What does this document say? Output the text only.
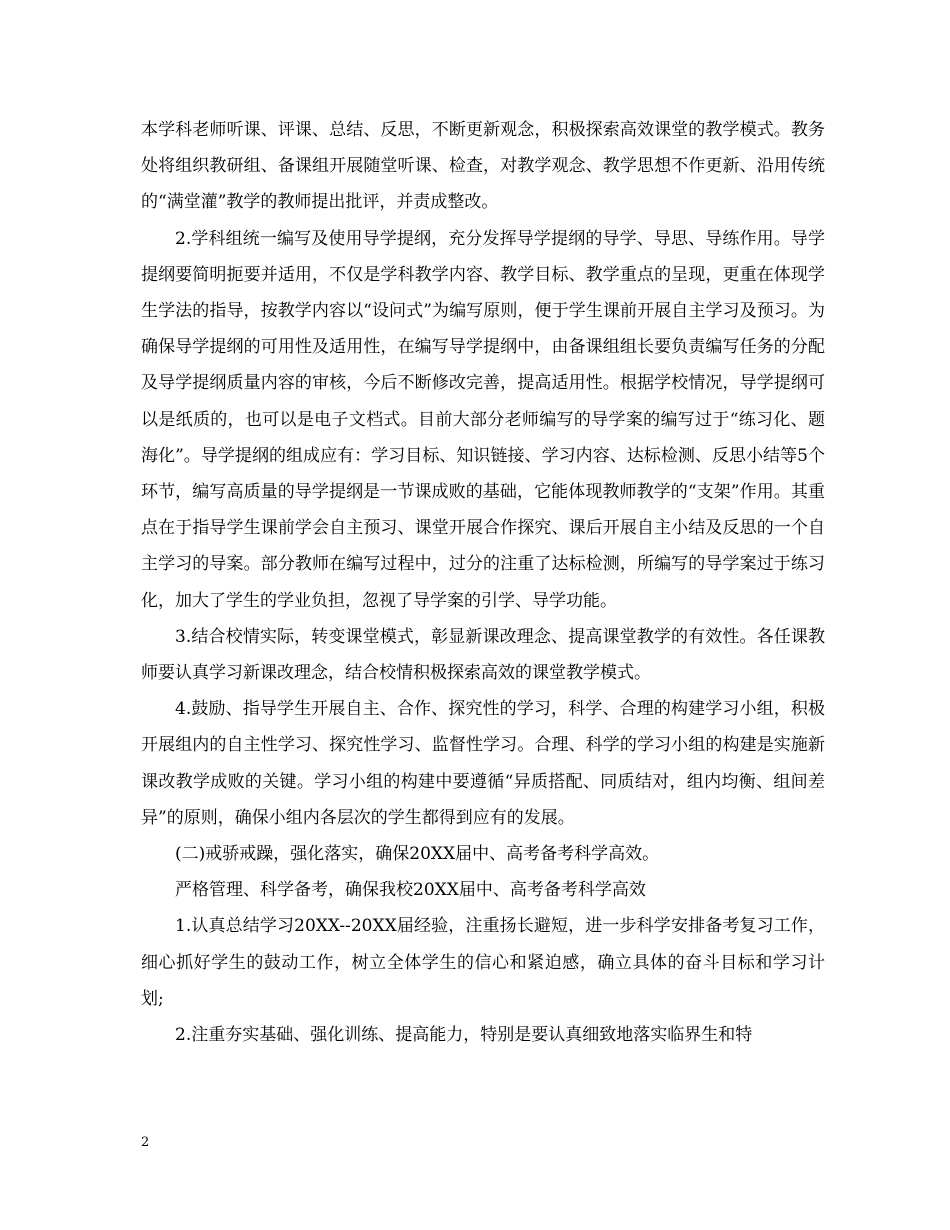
本学科老师听课、评课、总结、反思，不断更新观念，积极探索高效课堂的教学模式。教务处将组织教研组、备课组开展随堂听课、检查，对教学观念、教学思想不作更新、沿用传统的“满堂灌”教学的教师提出批评，并责成整改。

2.学科组统一编写及使用导学提纲，充分发挥导学提纲的导学、导思、导练作用。导学提纲要简明扼要并适用，不仅是学科教学内容、教学目标、教学重点的呈现，更重在体现学生学法的指导，按教学内容以“设问式”为编写原则，便于学生课前开展自主学习及预习。为确保导学提纲的可用性及适用性，在编写导学提纲中，由备课组组长要负责编写任务的分配及导学提纲质量内容的审核，今后不断修改完善，提高适用性。根据学校情况，导学提纲可以是纸质的，也可以是电子文档式。目前大部分老师编写的导学案的编写过于“练习化、题海化”。导学提纲的组成应有：学习目标、知识链接、学习内容、达标检测、反思小结等5个环节，编写高质量的导学提纲是一节课成败的基础，它能体现教师教学的“支架”作用。其重点在于指导学生课前学会自主预习、课堂开展合作探究、课后开展自主小结及反思的一个自主学习的导案。部分教师在编写过程中，过分的注重了达标检测，所编写的导学案过于练习化，加大了学生的学业负担，忽视了导学案的引学、导学功能。

3.结合校情实际，转变课堂模式，彰显新课改理念、提高课堂教学的有效性。各任课教师要认真学习新课改理念，结合校情积极探索高效的课堂教学模式。

4.鼓励、指导学生开展自主、合作、探究性的学习，科学、合理的构建学习小组，积极开展组内的自主性学习、探究性学习、监督性学习。合理、科学的学习小组的构建是实施新课改教学成败的关键。学习小组的构建中要遵循“异质搭配、同质结对，组内均衡、组间差异”的原则，确保小组内各层次的学生都得到应有的发展。

(二)戒骄戒躁，强化落实，确保20XX届中、高考备考科学高效。

严格管理、科学备考，确保我校20XX届中、高考备考科学高效

1.认真总结学习20XX--20XX届经验，注重扬长避短，进一步科学安排备考复习工作，细心抓好学生的鼓动工作，树立全体学生的信心和紧迫感，确立具体的奋斗目标和学习计划;

2.注重夯实基础、强化训练、提高能力，特别是要认真细致地落实临界生和特

2
